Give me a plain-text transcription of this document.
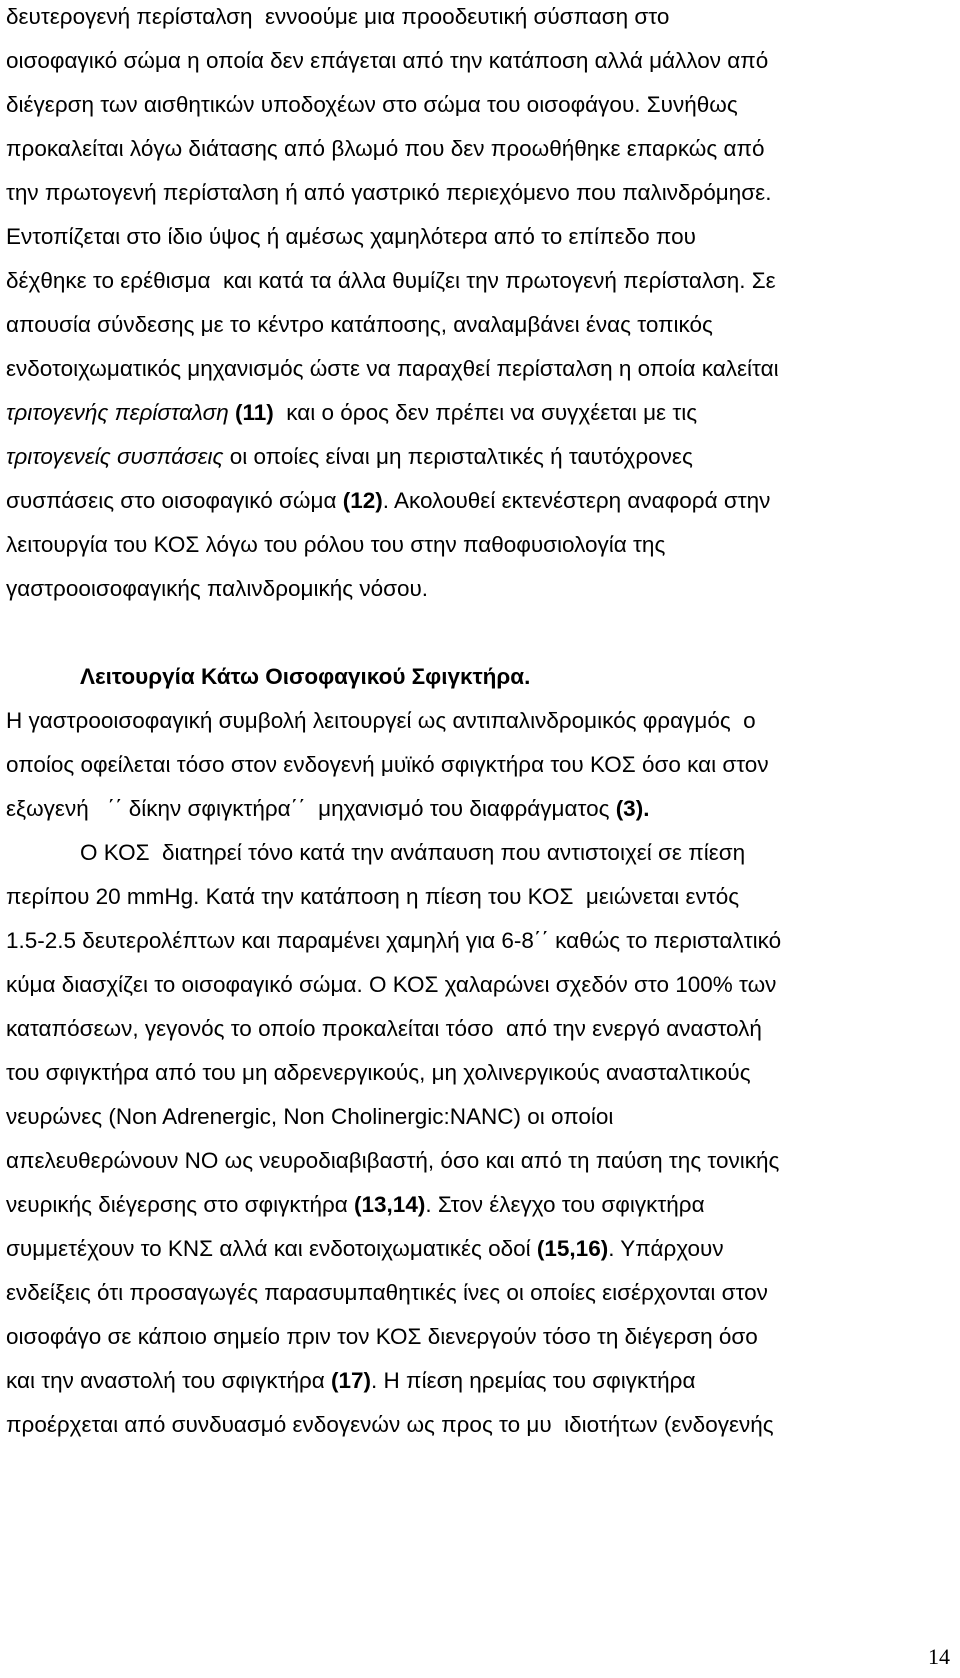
δευτερογενή περίσταλση  εννοούμε μια προοδευτική σύσπαση στο

οισοφαγικό σώμα η οποία δεν επάγεται από την κατάποση αλλά μάλλον από

διέγερση των αισθητικών υποδοχέων στο σώμα του οισοφάγου. Συνήθως

προκαλείται λόγω διάτασης από βλωμό που δεν προωθήθηκε επαρκώς από

την πρωτογενή περίσταλση ή από γαστρικό περιεχόμενο που παλινδρόμησε.

Εντοπίζεται στο ίδιο ύψος ή αμέσως χαμηλότερα από το επίπεδο που

δέχθηκε το ερέθισμα  και κατά τα άλλα θυμίζει την πρωτογενή περίσταλση. Σε

απουσία σύνδεσης με το κέντρο κατάποσης, αναλαμβάνει ένας τοπικός

ενδοτοιχωματικός μηχανισμός ώστε να παραχθεί περίσταλση η οποία καλείται

τριτογενής περίσταλση (11)  και ο όρος δεν πρέπει να συγχέεται με τις

τριτογενείς συσπάσεις οι οποίες είναι μη περισταλτικές ή ταυτόχρονες

συσπάσεις στο οισοφαγικό σώμα (12). Ακολουθεί εκτενέστερη αναφορά στην

λειτουργία του ΚΟΣ λόγω του ρόλου του στην παθοφυσιολογία της

γαστροοισοφαγικής παλινδρομικής νόσου.

Λειτουργία Κάτω Οισοφαγικού Σφιγκτήρα.

Η γαστροοισοφαγική συμβολή λειτουργεί ως αντιπαλινδρομικός φραγμός  ο

οποίος οφείλεται τόσο στον ενδογενή μυϊκό σφιγκτήρα του ΚΟΣ όσο και στον

εξωγενή   ΄΄ δίκην σφιγκτήρα΄΄  μηχανισμό του διαφράγματος (3).

Ο ΚΟΣ  διατηρεί τόνο κατά την ανάπαυση που αντιστοιχεί σε πίεση

περίπου 20 mmHg. Κατά την κατάποση η πίεση του ΚΟΣ  μειώνεται εντός

1.5-2.5 δευτερολέπτων και παραμένει χαμηλή για 6-8΄΄ καθώς το περισταλτικό

κύμα διασχίζει το οισοφαγικό σώμα. Ο ΚΟΣ χαλαρώνει σχεδόν στο 100% των

καταπόσεων, γεγονός το οποίο προκαλείται τόσο  από την ενεργό αναστολή

του σφιγκτήρα από του μη αδρενεργικούς, μη χολινεργικούς ανασταλτικούς

νευρώνες (Non Adrenergic, Non Cholinergic:NANC) οι οποίοι

απελευθερώνουν ΝΟ ως νευροδιαβιβαστή, όσο και από τη παύση της τονικής

νευρικής διέγερσης στο σφιγκτήρα (13,14). Στον έλεγχο του σφιγκτήρα

συμμετέχουν το ΚΝΣ αλλά και ενδοτοιχωματικές οδοί (15,16). Υπάρχουν

ενδείξεις ότι προσαγωγές παρασυμπαθητικές ίνες οι οποίες εισέρχονται στον

οισοφάγο σε κάποιο σημείο πριν τον ΚΟΣ διενεργούν τόσο τη διέγερση όσο

και την αναστολή του σφιγκτήρα (17). Η πίεση ηρεμίας του σφιγκτήρα

προέρχεται από συνδυασμό ενδογενών ως προς το μυ  ιδιοτήτων (ενδογενής

14
